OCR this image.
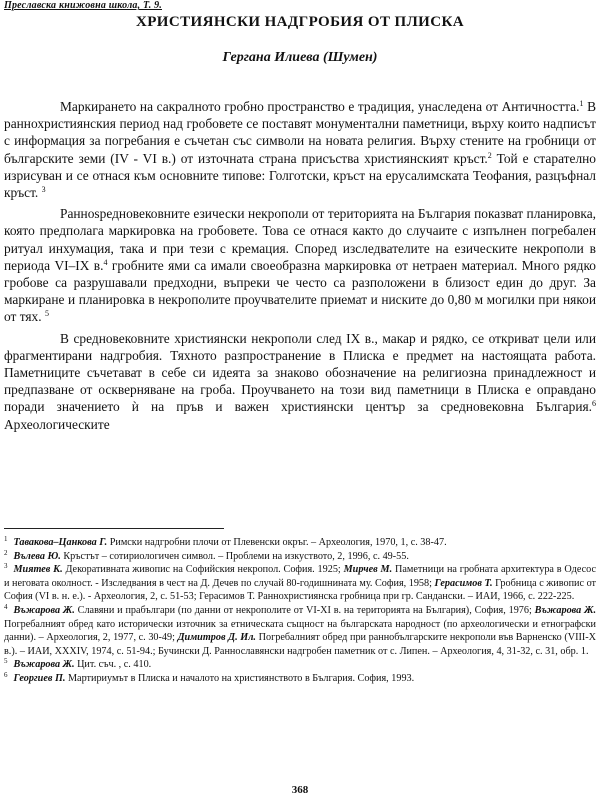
Преславска книжовна школа, Т. 9.
ХРИСТИЯНСКИ НАДГРОБИЯ ОТ ПЛИСКА
Гергана Илиева (Шумен)

Маркирането на сакралното гробно пространство е традиция, унаследена от Античността.$^1$ В раннохристиянския период над гробовете се поставят монументални паметници, върху които надписът с информация за погребания е съчетан със символи на новата религия. Върху стените на гробници от българските земи (IV - VI в.) от източната страна присъства християнският кръст.$^2$ Той е старателно изрисуван и се отнася към основните типове: Голготски, кръст на ерусалимската Теофания, разцъфнал кръст. $^3$

Раннosредновековните езически некрополи от територията на България показват планировка, която предполага маркировка на гробовете. Това се отнася както до случаите с изпълнен погребален ритуал инхумация, така и при тези с кремация. Според изследвателите на езическите некрополи в периода VI–IX в.$^4$ гробните ями са имали своеобразна маркировка от нетраен материал. Много рядко гробове са разрушавали предходни, въпреки че често са разположени в близост един до друг. За маркиране и планировка в некрополите проучвателите приемат и ниските до 0,80 м могилки при някои от тях. $^5$

В средновековните християнски некрополи след IX в., макар и рядко, се откриват цели или фрагментирани надгробия. Тяхното разпространение в Плиска е предмет на настоящата работа. Паметниците съчетават в себе си идеята за знаково обозначение на религиозна принадлежност и предпазване от оскверняване на гроба. Проучването на този вид паметници в Плиска е оправдано поради значението ѝ на пръв и важен християнски център за средновековна България.$^6$ Археологическите

$^1$ Тавакова–Цанкова Г. Римски надгробни плочи от Плевенски окръг. – Археология, 1970, 1, с. 38-47.

$^2$ Вълева Ю. Кръстът – сотириологичен символ. – Проблеми на изкуството, 2, 1996, с. 49-55.

$^3$ Миятев К. Декоративната живопис на Софийския некропол. София. 1925; Мирчев М. Паметници на гробната архитектура в Одесос и неговата околност. - Изследвания в чест на Д. Дечев по случай 80-годишнината му. София, 1958; Герасимов Т. Гробница с живопис от София (VI в. н. е.). - Археология, 2, с. 51-53; Герасимов Т. Раннохристиянска гробница при гр. Сандански. – ИАИ, 1966, с. 222-225.

$^4$ Въжарова Ж. Славяни и прабългари (по данни от некрополите от VI-XI в. на територията на България), София, 1976; Въжарова Ж. Погребалният обред като исторически източник за етническата същност на българската народност (по археологически и етнографски данни). – Археология, 2, 1977, с. 30-49; Димитров Д. Ил. Погребалният обред при раннобългарските некрополи във Варненско (VIII-X в.). – ИАИ, XXXIV, 1974, с. 51-94.; Бучински Д. Раннославянски надгробен паметник от с. Липен. – Археология, 4, 31-32, с. 31, обр. 1.

$^5$ Въжарова Ж. Цит. съч. , с. 410.

$^6$ Георгиев П. Мартириумът в Плиска и началото на християнството в България. София, 1993.

368
